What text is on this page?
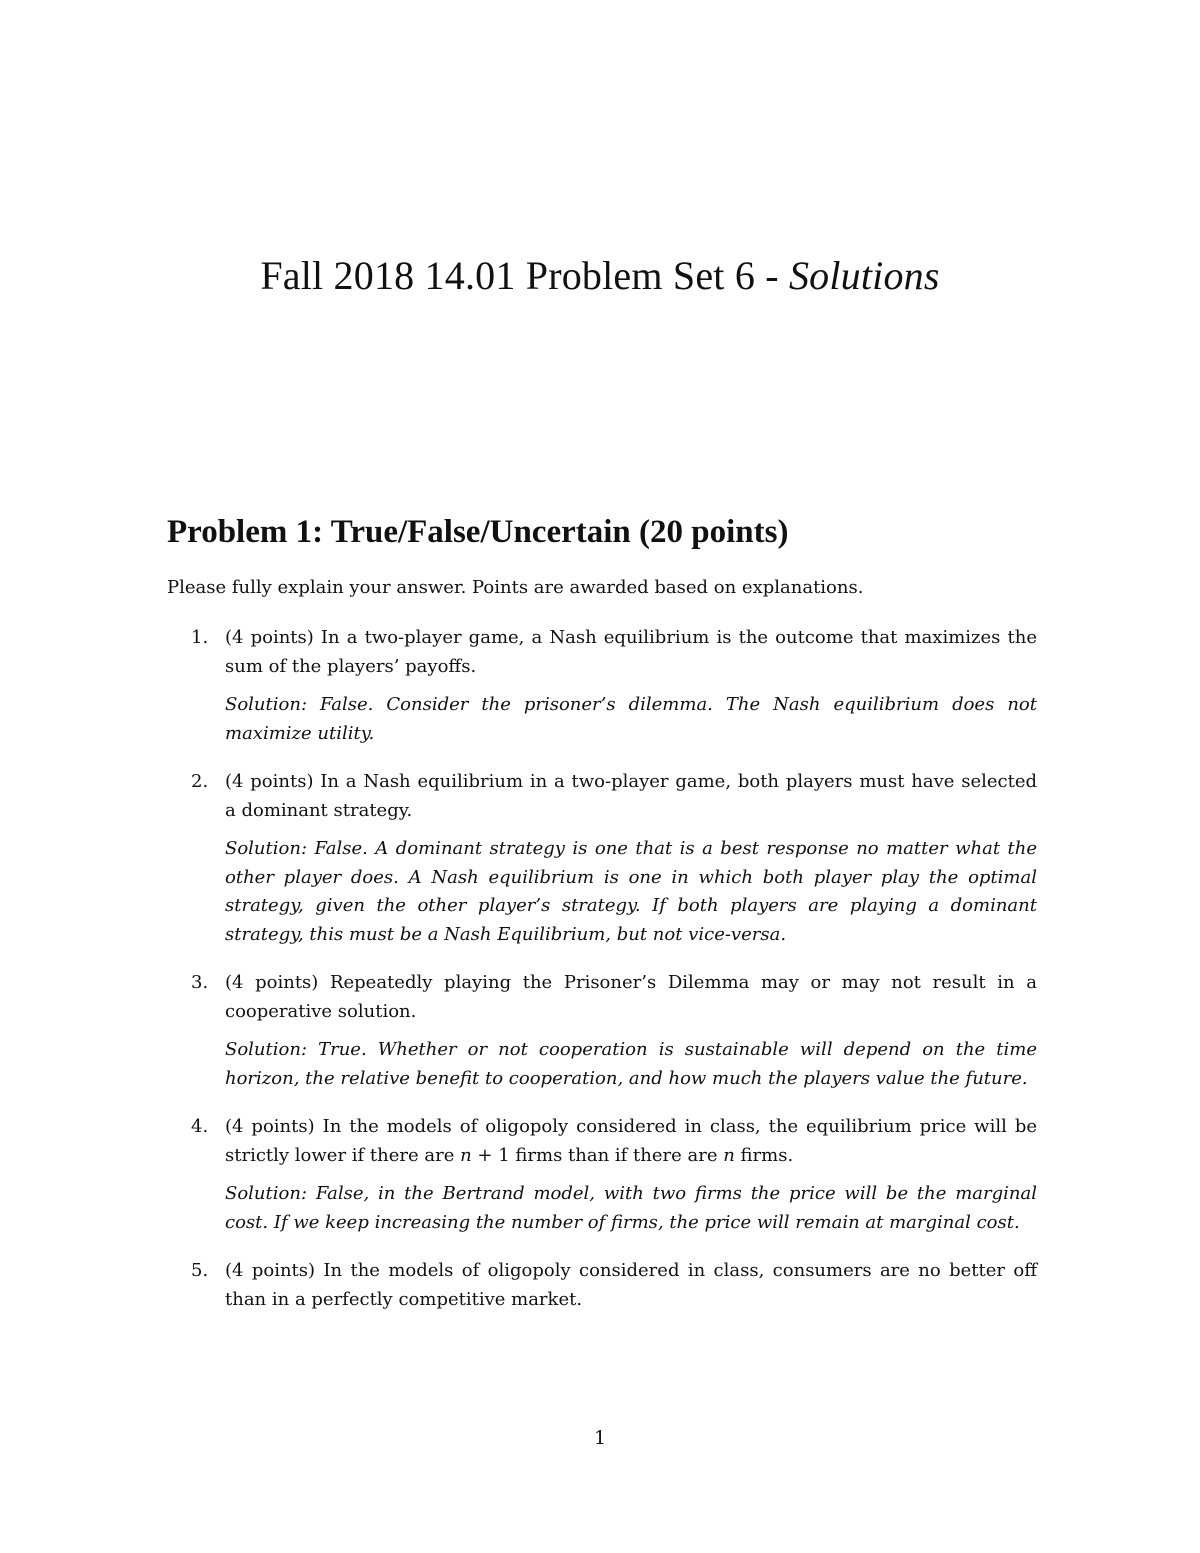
Fall 2018 14.01 Problem Set 6 - Solutions
Problem 1: True/False/Uncertain (20 points)
Please fully explain your answer. Points are awarded based on explanations.
1. (4 points) In a two-player game, a Nash equilibrium is the outcome that maximizes the sum of the players’ payoffs.
Solution: False. Consider the prisoner’s dilemma. The Nash equilibrium does not maximize utility.
2. (4 points) In a Nash equilibrium in a two-player game, both players must have selected a dominant strategy.
Solution: False. A dominant strategy is one that is a best response no matter what the other player does. A Nash equilibrium is one in which both player play the optimal strategy, given the other player’s strategy. If both players are playing a dominant strategy, this must be a Nash Equilibrium, but not vice-versa.
3. (4 points) Repeatedly playing the Prisoner’s Dilemma may or may not result in a cooperative solution.
Solution: True. Whether or not cooperation is sustainable will depend on the time horizon, the relative benefit to cooperation, and how much the players value the future.
4. (4 points) In the models of oligopoly considered in class, the equilibrium price will be strictly lower if there are n + 1 firms than if there are n firms.
Solution: False, in the Bertrand model, with two firms the price will be the marginal cost. If we keep increasing the number of firms, the price will remain at marginal cost.
5. (4 points) In the models of oligopoly considered in class, consumers are no better off than in a perfectly competitive market.
1
